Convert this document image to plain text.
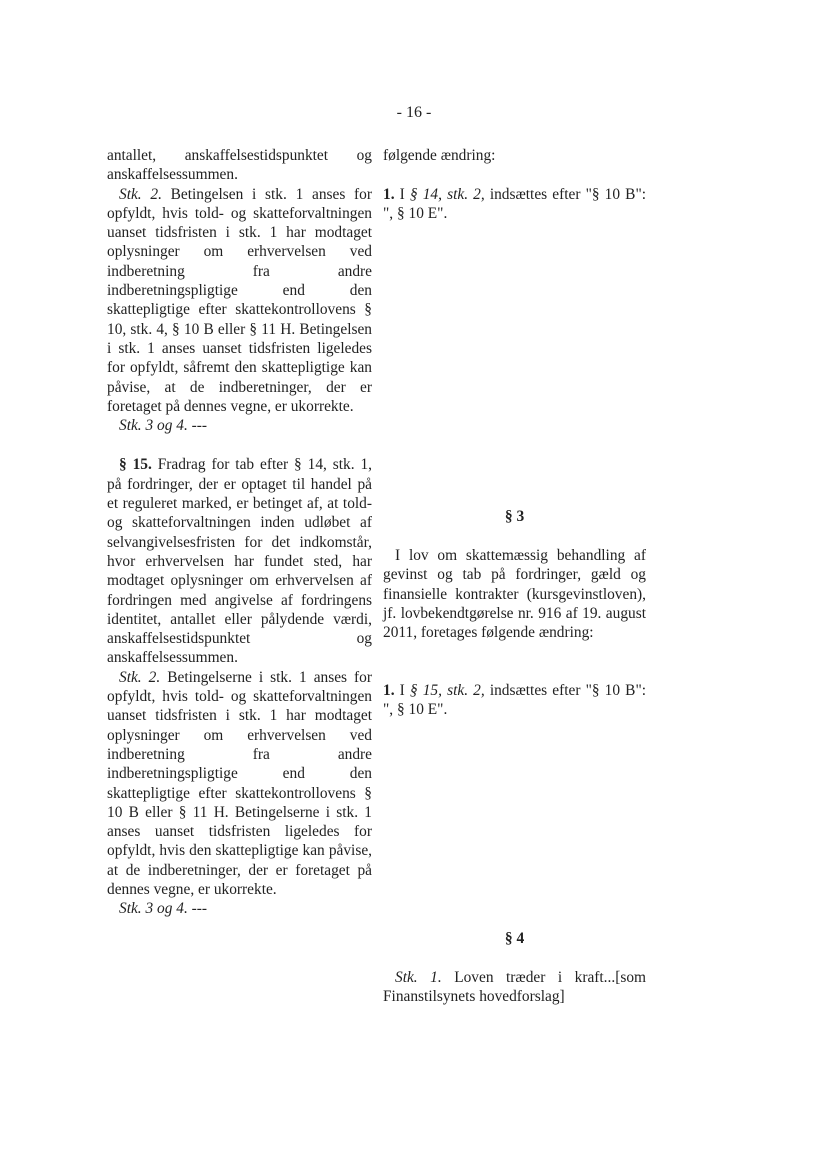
- 16 -

antallet, anskaffelsestidspunktet og anskaffelsessummen.

Stk. 2. Betingelsen i stk. 1 anses for opfyldt, hvis told- og skatteforvaltningen uanset tidsfristen i stk. 1 har modtaget oplysninger om erhvervelsen ved indberetning fra andre indberetningspligtige end den skattepligtige efter skattekontrollovens § 10, stk. 4, § 10 B eller § 11 H. Betingelsen i stk. 1 anses uanset tidsfristen ligeledes for opfyldt, såfremt den skattepligtige kan påvise, at de indberetninger, der er foretaget på dennes vegne, er ukorrekte.

Stk. 3 og 4. ---

§ 15. Fradrag for tab efter § 14, stk. 1, på fordringer, der er optaget til handel på et reguleret marked, er betinget af, at told- og skatteforvaltningen inden udløbet af selvangivelsesfristen for det indkomstår, hvor erhvervelsen har fundet sted, har modtaget oplysninger om erhvervelsen af fordringen med angivelse af fordringens identitet, antallet eller pålydende værdi, anskaffelsestidspunktet og anskaffelsessummen.

Stk. 2. Betingelserne i stk. 1 anses for opfyldt, hvis told- og skatteforvaltningen uanset tidsfristen i stk. 1 har modtaget oplysninger om erhvervelsen ved indberetning fra andre indberetningspligtige end den skattepligtige efter skattekontrollovens § 10 B eller § 11 H. Betingelserne i stk. 1 anses uanset tidsfristen ligeledes for opfyldt, hvis den skattepligtige kan påvise, at de indberetninger, der er foretaget på dennes vegne, er ukorrekte.

Stk. 3 og 4. ---

følgende ændring:
1. I § 14, stk. 2, indsættes efter "§ 10 B": ", § 10 E".
§ 3
I lov om skattemæssig behandling af gevinst og tab på fordringer, gæld og finansielle kontrakter (kursgevinstloven), jf. lovbekendtgørelse nr. 916 af 19. august 2011, foretages følgende ændring:
1. I § 15, stk. 2, indsættes efter "§ 10 B": ", § 10 E".
§ 4
Stk. 1. Loven træder i kraft...[som Finanstilsynets hovedforslag]
